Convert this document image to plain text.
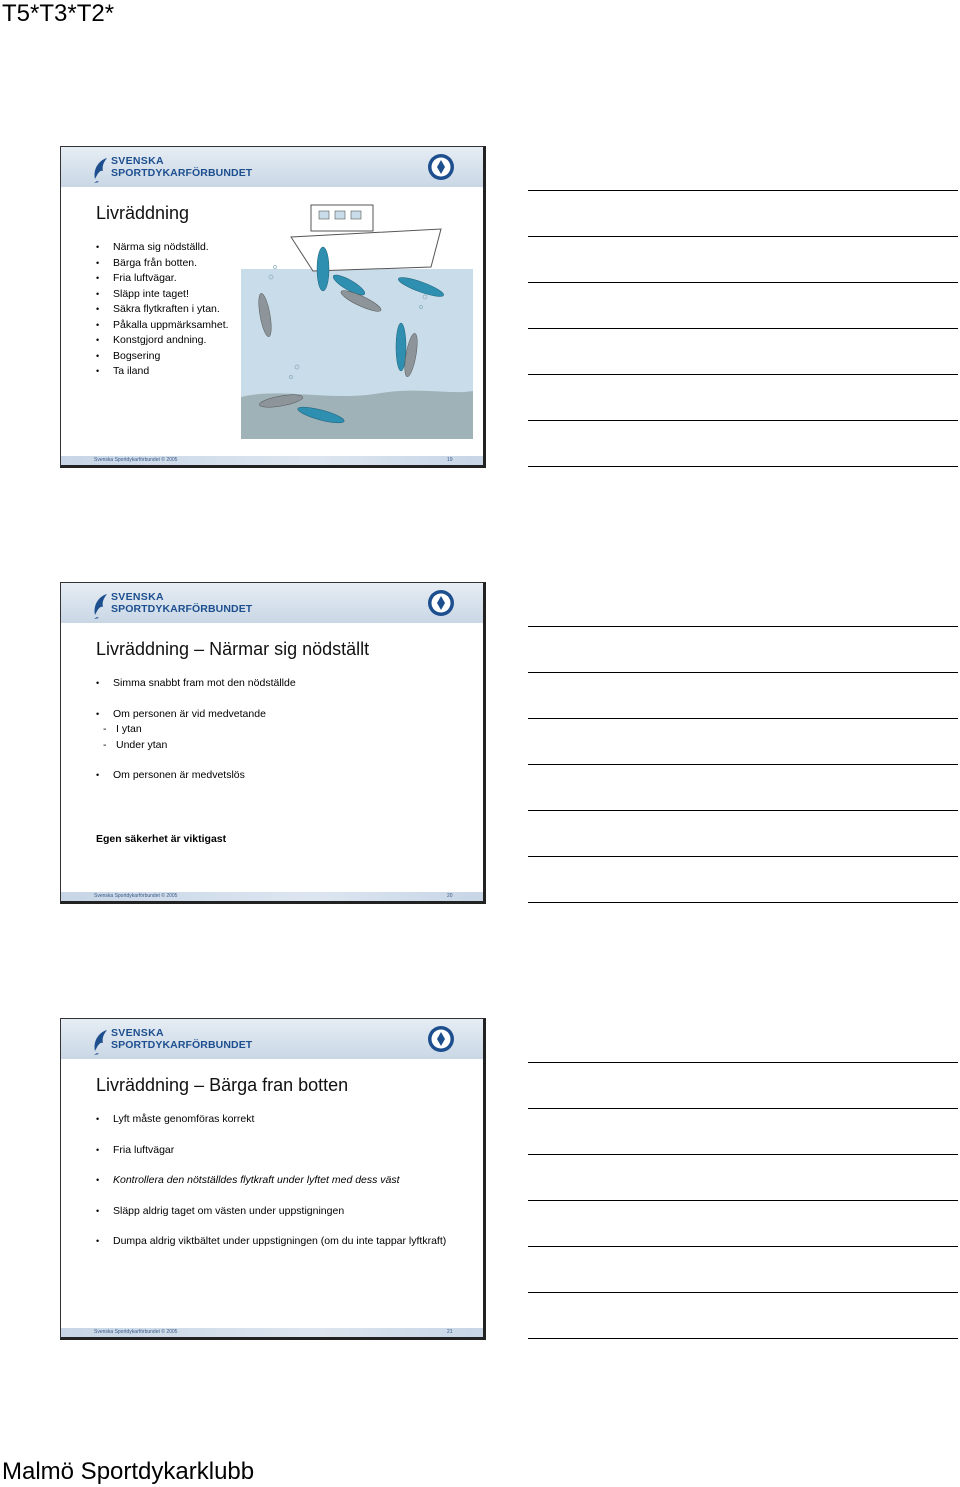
T5*T3*T2*
SVENSKA
SPORTDYKARFÖRBUNDET
Livräddning
• Närma sig nödställd.
• Bärga från botten.
• Fria luftvägar.
• Släpp inte taget!
• Säkra flytkraften i ytan.
• Påkalla uppmärksamhet.
• Konstgjord andning.
• Bogsering
• Ta iland
Svenska Sportdykarförbundet © 2005	19
SVENSKA
SPORTDYKARFÖRBUNDET
Livräddning – Närmar sig nödställt
• Simma snabbt fram mot den nödställde
• Om personen är vid medvetande
- I ytan
- Under ytan
• Om personen är medvetslös
Egen säkerhet är viktigast
Svenska Sportdykarförbundet © 2005	20
SVENSKA
SPORTDYKARFÖRBUNDET
Livräddning – Bärga fran botten
• Lyft måste genomföras korrekt
• Fria luftvägar
• Kontrollera den nötställdes flytkraft under lyftet med dess väst
• Släpp aldrig taget om västen under uppstigningen
• Dumpa aldrig viktbältet under uppstigningen (om du inte tappar lyftkraft)
Svenska Sportdykarförbundet © 2005	21
Malmö Sportdykarklubb
